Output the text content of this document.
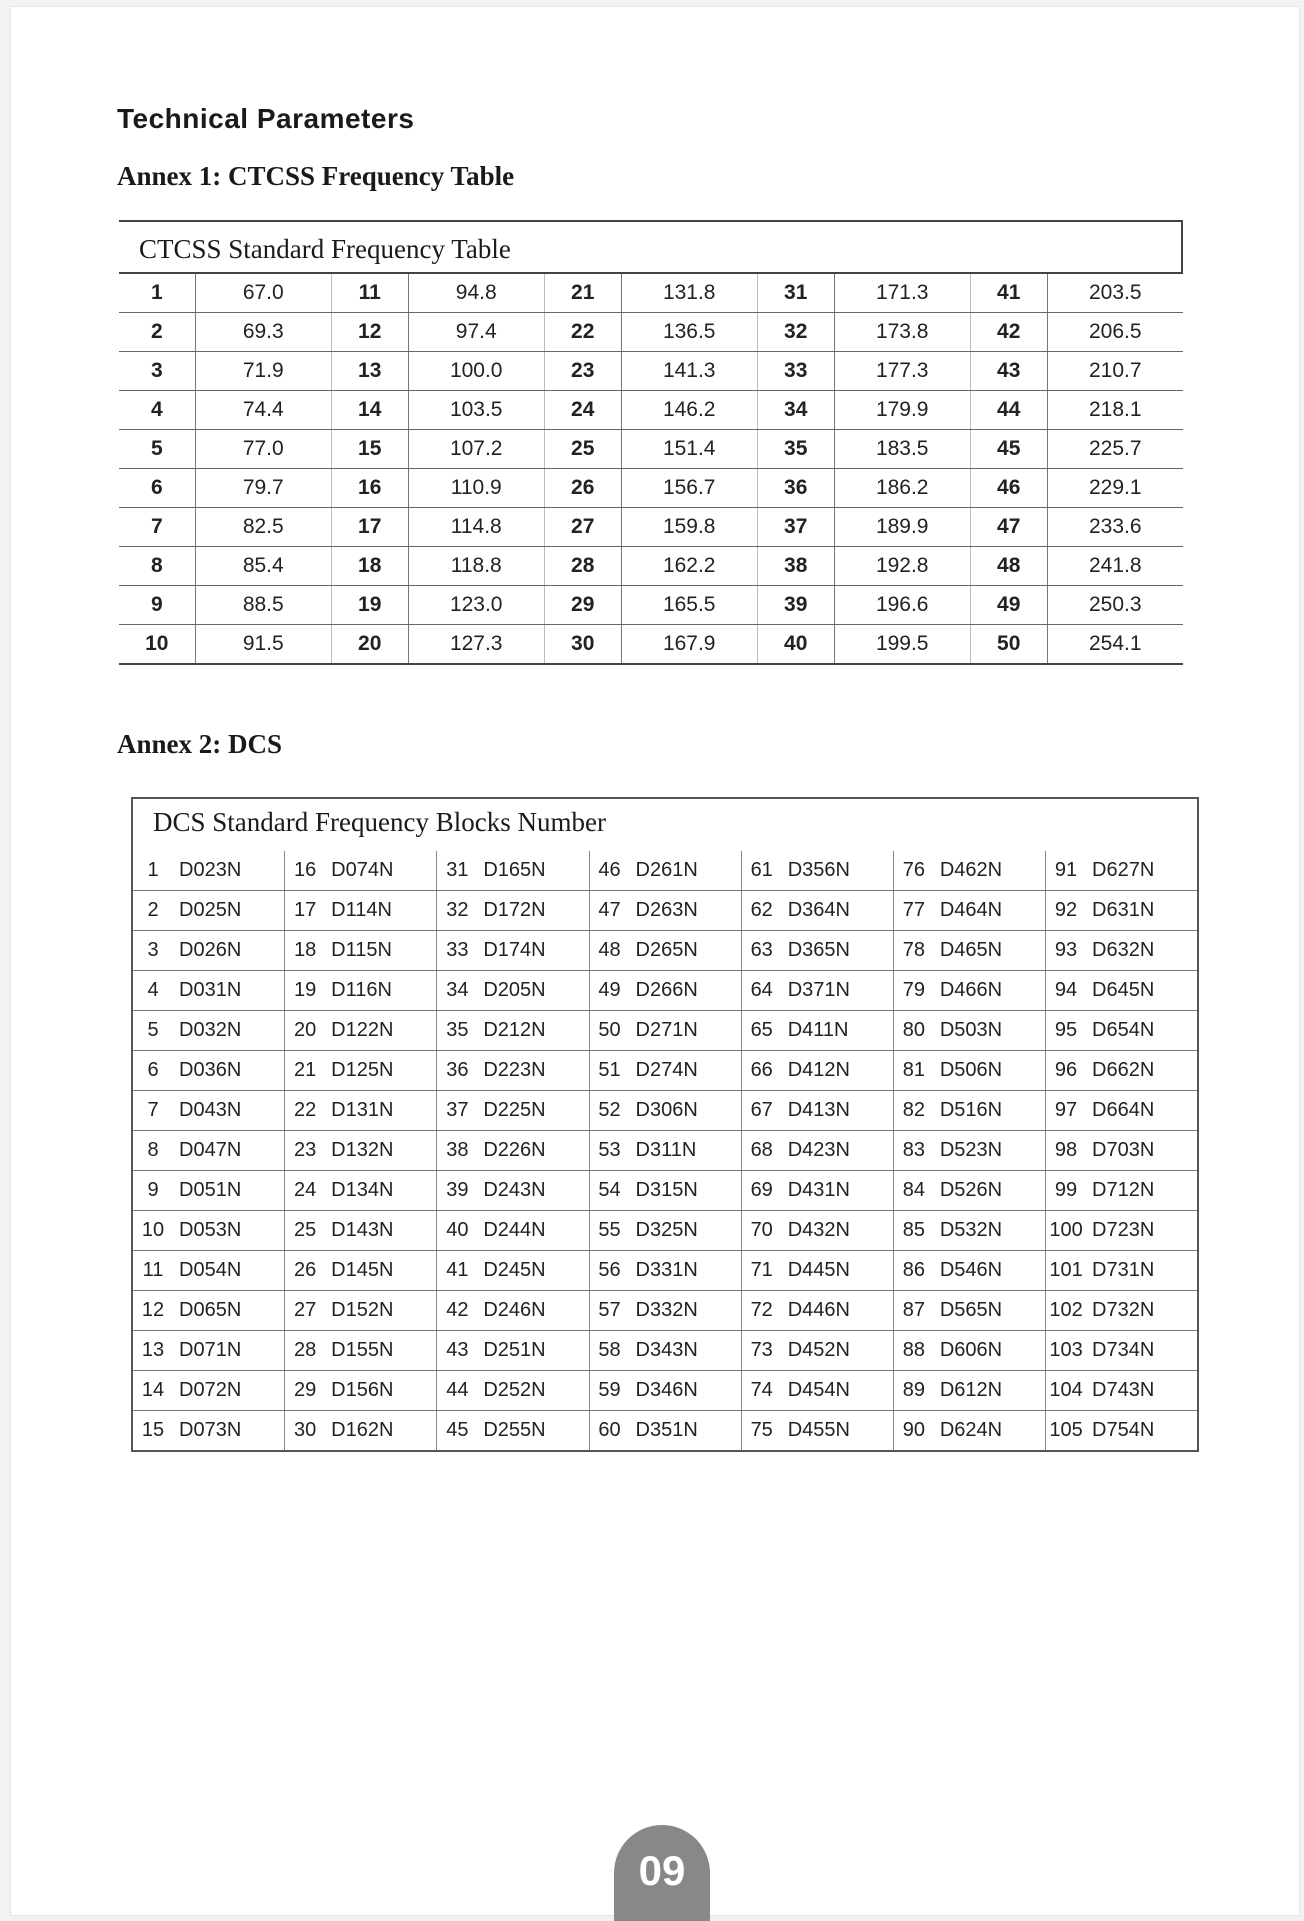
Technical Parameters
Annex 1: CTCSS Frequency Table
CTCSS Standard Frequency Table
1	67.0	11	94.8	21	131.8	31	171.3	41	203.5
2	69.3	12	97.4	22	136.5	32	173.8	42	206.5
3	71.9	13	100.0	23	141.3	33	177.3	43	210.7
4	74.4	14	103.5	24	146.2	34	179.9	44	218.1
5	77.0	15	107.2	25	151.4	35	183.5	45	225.7
6	79.7	16	110.9	26	156.7	36	186.2	46	229.1
7	82.5	17	114.8	27	159.8	37	189.9	47	233.6
8	85.4	18	118.8	28	162.2	38	192.8	48	241.8
9	88.5	19	123.0	29	165.5	39	196.6	49	250.3
10	91.5	20	127.3	30	167.9	40	199.5	50	254.1
Annex 2: DCS
DCS Standard Frequency Blocks Number
1	D023N	16	D074N	31	D165N	46	D261N	61	D356N	76	D462N	91	D627N
2	D025N	17	D114N	32	D172N	47	D263N	62	D364N	77	D464N	92	D631N
3	D026N	18	D115N	33	D174N	48	D265N	63	D365N	78	D465N	93	D632N
4	D031N	19	D116N	34	D205N	49	D266N	64	D371N	79	D466N	94	D645N
5	D032N	20	D122N	35	D212N	50	D271N	65	D411N	80	D503N	95	D654N
6	D036N	21	D125N	36	D223N	51	D274N	66	D412N	81	D506N	96	D662N
7	D043N	22	D131N	37	D225N	52	D306N	67	D413N	82	D516N	97	D664N
8	D047N	23	D132N	38	D226N	53	D311N	68	D423N	83	D523N	98	D703N
9	D051N	24	D134N	39	D243N	54	D315N	69	D431N	84	D526N	99	D712N
10	D053N	25	D143N	40	D244N	55	D325N	70	D432N	85	D532N	100	D723N
11	D054N	26	D145N	41	D245N	56	D331N	71	D445N	86	D546N	101	D731N
12	D065N	27	D152N	42	D246N	57	D332N	72	D446N	87	D565N	102	D732N
13	D071N	28	D155N	43	D251N	58	D343N	73	D452N	88	D606N	103	D734N
14	D072N	29	D156N	44	D252N	59	D346N	74	D454N	89	D612N	104	D743N
15	D073N	30	D162N	45	D255N	60	D351N	75	D455N	90	D624N	105	D754N
09
